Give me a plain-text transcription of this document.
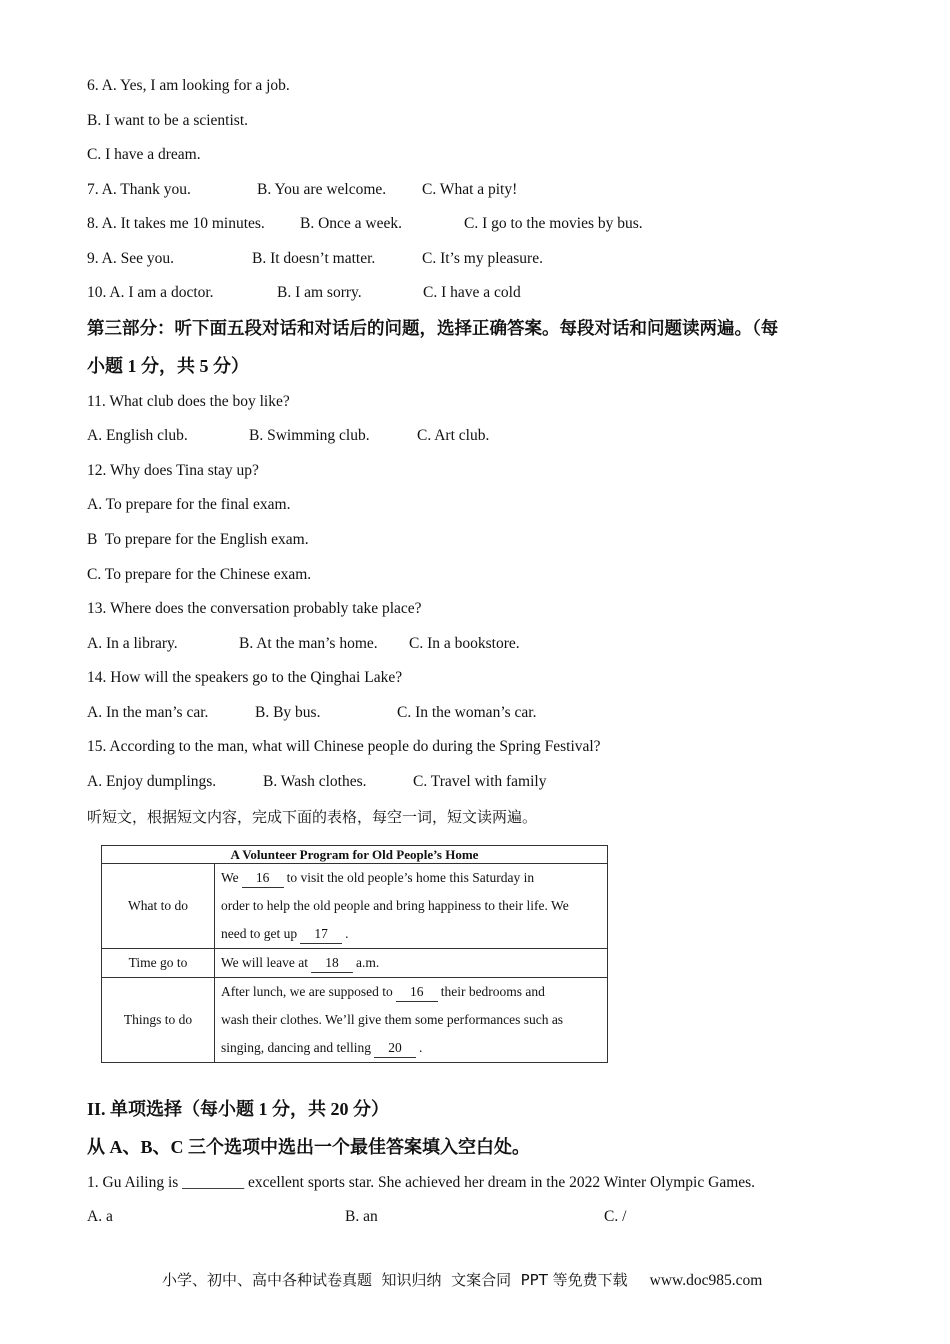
6. A. Yes, I am looking for a job.
B. I want to be a scientist.
C. I have a dream.
7. A. Thank you.	B. You are welcome. C. What a pity!
8. A. It takes me 10 minutes. B. Once a week.	C. I go to the movies by bus.
9. A. See you.	B. It doesn’t matter.	C. It’s my pleasure.
10. A. I am a doctor.	B. I am sorry.	C. I have a cold
第三部分：听下面五段对话和对话后的问题，选择正确答案。每段对话和问题读两遍。（每
小题 1 分，共 5 分）
11. What club does the boy like?
A. English club.	B. Swimming club.	C. Art club.
12. Why does Tina stay up?
A. To prepare for the final exam.
B  To prepare for the English exam.
C. To prepare for the Chinese exam.
13. Where does the conversation probably take place?
A. In a library.	B. At the man’s home. C. In a bookstore.
14. How will the speakers go to the Qinghai Lake?
A. In the man’s car.	B. By bus.	C. In the woman’s car.
15. According to the man, what will Chinese people do during the Spring Festival?
A. Enjoy dumplings.	B. Wash clothes.	C. Travel with family
听短文，根据短文内容，完成下面的表格，每空一词，短文读两遍。
A Volunteer Program for Old People’s Home	
What to do	We 16 to visit the old people’s home this Saturday in
order to help the old people and bring happiness to their life. We
need to get up 17 .
Time go to	We will leave at 18 a.m.
Things to do	After lunch, we are supposed to 16 their bedrooms and
wash their clothes. We’ll give them some performances such as
singing, dancing and telling 20 .
II. 单项选择（每小题 1 分，共 20 分）
从 A、B、C 三个选项中选出一个最佳答案填入空白处。
1. Gu Ailing is ________ excellent sports star. She achieved her dream in the 2022 Winter Olympic Games.
A. a	B. an	C. /
小学、初中、高中各种试卷真题  知识归纳  文案合同  PPT 等免费下载 www.doc985.com
